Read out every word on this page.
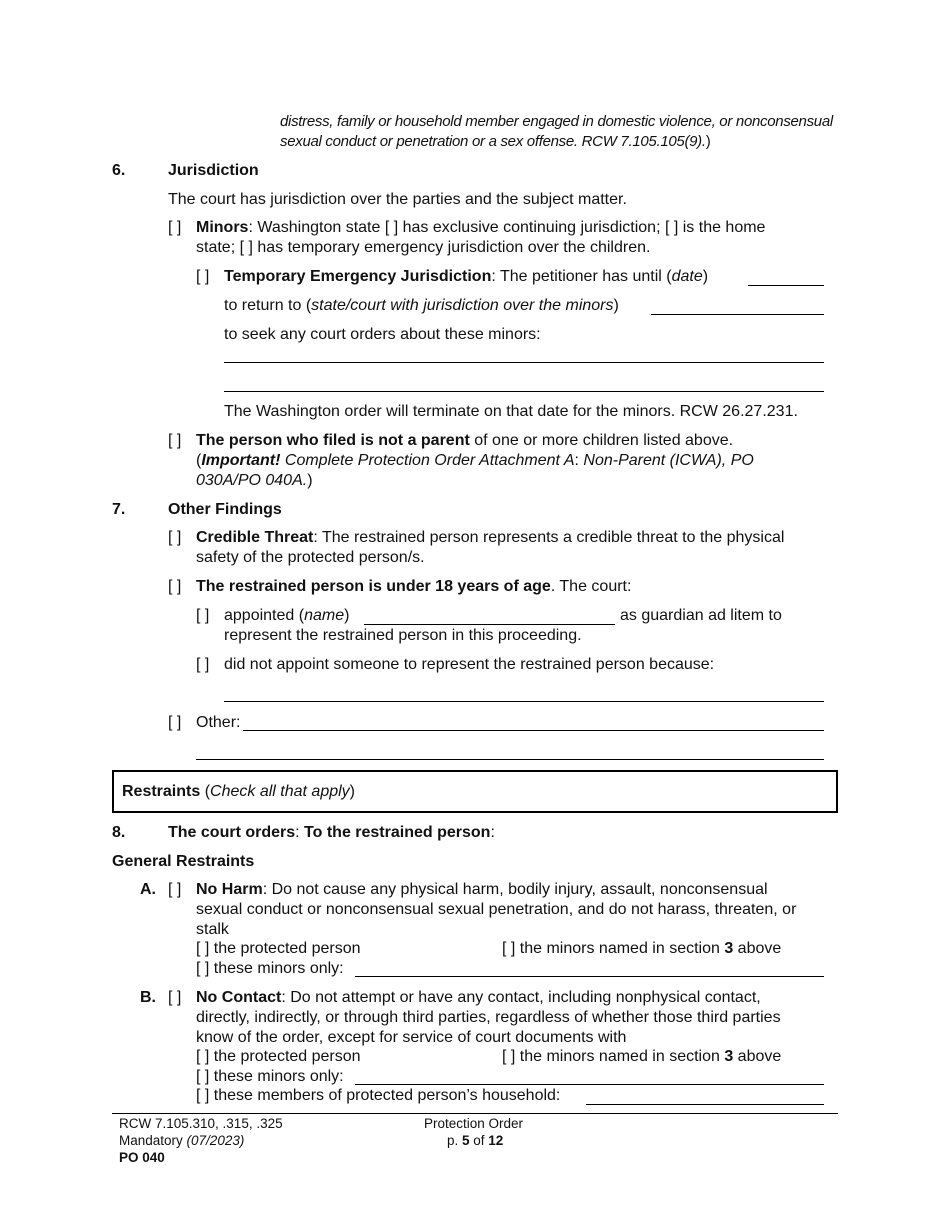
distress, family or household member engaged in domestic violence, or nonconsensual
sexual conduct or penetration or a sex offense. RCW 7.105.105(9).)
6.	Jurisdiction
The court has jurisdiction over the parties and the subject matter.
[ ] Minors: Washington state [ ] has exclusive continuing jurisdiction; [ ] is the home
state; [ ] has temporary emergency jurisdiction over the children.
[ ] Temporary Emergency Jurisdiction: The petitioner has until (date)
to return to (state/court with jurisdiction over the minors)
to seek any court orders about these minors:
The Washington order will terminate on that date for the minors. RCW 26.27.231.
[ ] The person who filed is not a parent of one or more children listed above.
(Important! Complete Protection Order Attachment A: Non-Parent (ICWA), PO
030A/PO 040A.)
7.	Other Findings
[ ] Credible Threat: The restrained person represents a credible threat to the physical
safety of the protected person/s.
[ ] The restrained person is under 18 years of age. The court:
[ ] appointed (name)	as guardian ad litem to
represent the restrained person in this proceeding.
[ ] did not appoint someone to represent the restrained person because:
[ ] Other:
Restraints (Check all that apply)
8.	The court orders: To the restrained person:
General Restraints
A. [ ] No Harm: Do not cause any physical harm, bodily injury, assault, nonconsensual
sexual conduct or nonconsensual sexual penetration, and do not harass, threaten, or
stalk
[ ] the protected person	[ ] the minors named in section 3 above
[ ] these minors only:
B. [ ] No Contact: Do not attempt or have any contact, including nonphysical contact,
directly, indirectly, or through third parties, regardless of whether those third parties
know of the order, except for service of court documents with
[ ] the protected person	[ ] the minors named in section 3 above
[ ] these minors only:
[ ] these members of protected person’s household:
RCW 7.105.310, .315, .325
Mandatory (07/2023)
PO 040
Protection Order
p. 5 of 12
